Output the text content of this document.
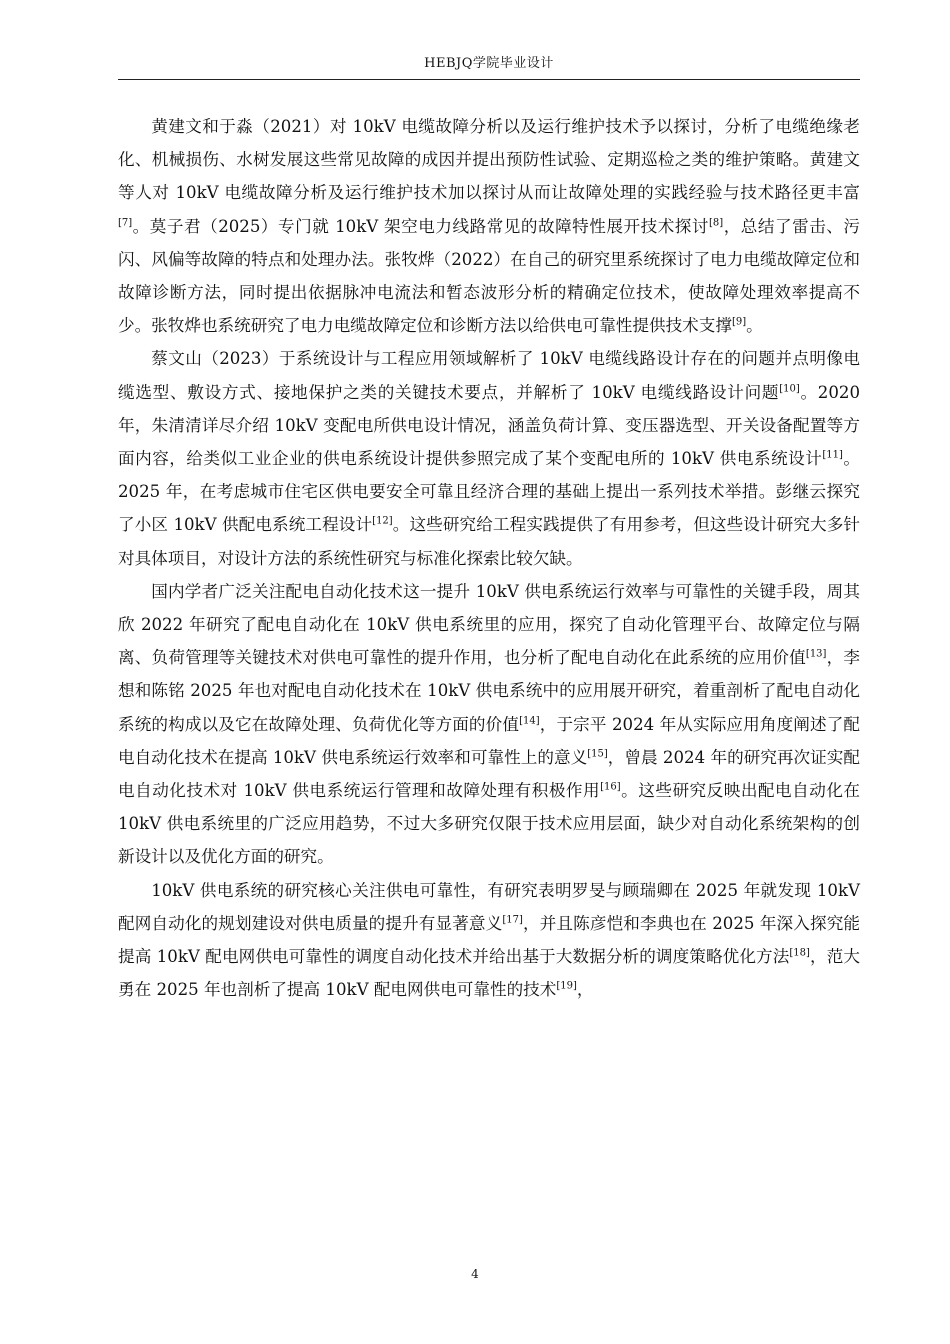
HEBJQ学院毕业设计

黄建文和于淼（2021）对 10kV 电缆故障分析以及运行维护技术予以探讨，分析了电缆绝缘老化、机械损伤、水树发展这些常见故障的成因并提出预防性试验、定期巡检之类的维护策略。黄建文等人对 10kV 电缆故障分析及运行维护技术加以探讨从而让故障处理的实践经验与技术路径更丰富[7]。莫子君（2025）专门就 10kV 架空电力线路常见的故障特性展开技术探讨[8]，总结了雷击、污闪、风偏等故障的特点和处理办法。张牧烨（2022）在自己的研究里系统探讨了电力电缆故障定位和故障诊断方法，同时提出依据脉冲电流法和暂态波形分析的精确定位技术，使故障处理效率提高不少。张牧烨也系统研究了电力电缆故障定位和诊断方法以给供电可靠性提供技术支撑[9]。

蔡文山（2023）于系统设计与工程应用领域解析了 10kV 电缆线路设计存在的问题并点明像电缆选型、敷设方式、接地保护之类的关键技术要点，并解析了 10kV 电缆线路设计问题[10]。2020 年，朱清清详尽介绍 10kV 变配电所供电设计情况，涵盖负荷计算、变压器选型、开关设备配置等方面内容，给类似工业企业的供电系统设计提供参照完成了某个变配电所的 10kV 供电系统设计[11]。2025 年，在考虑城市住宅区供电要安全可靠且经济合理的基础上提出一系列技术举措。彭继云探究了小区 10kV 供配电系统工程设计[12]。这些研究给工程实践提供了有用参考，但这些设计研究大多针对具体项目，对设计方法的系统性研究与标准化探索比较欠缺。

国内学者广泛关注配电自动化技术这一提升 10kV 供电系统运行效率与可靠性的关键手段，周其欣 2022 年研究了配电自动化在 10kV 供电系统里的应用，探究了自动化管理平台、故障定位与隔离、负荷管理等关键技术对供电可靠性的提升作用，也分析了配电自动化在此系统的应用价值[13]，李想和陈铭 2025 年也对配电自动化技术在 10kV 供电系统中的应用展开研究，着重剖析了配电自动化系统的构成以及它在故障处理、负荷优化等方面的价值[14]，于宗平 2024 年从实际应用角度阐述了配电自动化技术在提高 10kV 供电系统运行效率和可靠性上的意义[15]，曾晨 2024 年的研究再次证实配电自动化技术对 10kV 供电系统运行管理和故障处理有积极作用[16]。这些研究反映出配电自动化在 10kV 供电系统里的广泛应用趋势，不过大多研究仅限于技术应用层面，缺少对自动化系统架构的创新设计以及优化方面的研究。

10kV 供电系统的研究核心关注供电可靠性，有研究表明罗旻与顾瑞卿在 2025 年就发现 10kV 配网自动化的规划建设对供电质量的提升有显著意义[17]，并且陈彦恺和李典也在 2025 年深入探究能提高 10kV 配电网供电可靠性的调度自动化技术并给出基于大数据分析的调度策略优化方法[18]，范大勇在 2025 年也剖析了提高 10kV 配电网供电可靠性的技术[19]，

4
